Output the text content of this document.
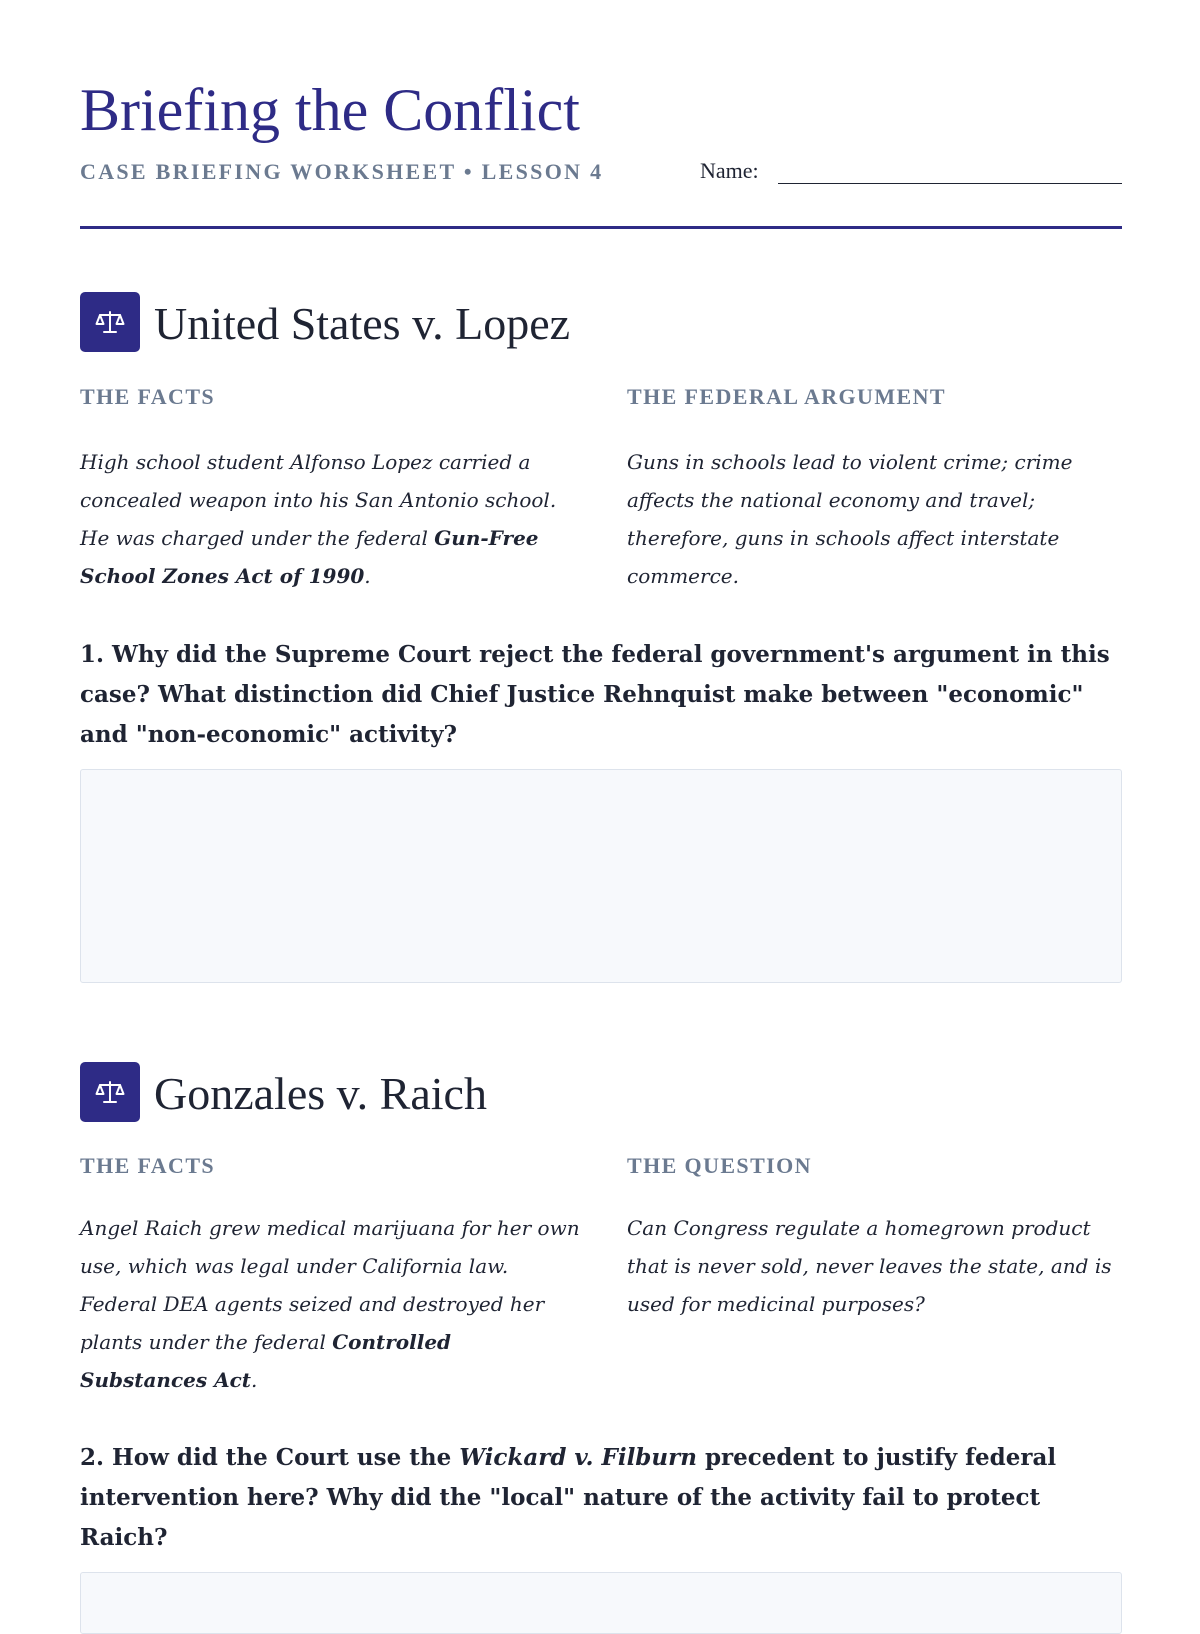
Briefing the Conflict
CASE BRIEFING WORKSHEET • LESSON 4	Name:
United States v. Lopez
THE FACTS
High school student Alfonso Lopez carried a concealed weapon into his San Antonio school. He was charged under the federal Gun-Free School Zones Act of 1990.
THE FEDERAL ARGUMENT
Guns in schools lead to violent crime; crime affects the national economy and travel; therefore, guns in schools affect interstate commerce.
1. Why did the Supreme Court reject the federal government's argument in this case? What distinction did Chief Justice Rehnquist make between "economic" and "non-economic" activity?
Gonzales v. Raich
THE FACTS
Angel Raich grew medical marijuana for her own use, which was legal under California law. Federal DEA agents seized and destroyed her plants under the federal Controlled Substances Act.
THE QUESTION
Can Congress regulate a homegrown product that is never sold, never leaves the state, and is used for medicinal purposes?
2. How did the Court use the Wickard v. Filburn precedent to justify federal intervention here? Why did the "local" nature of the activity fail to protect Raich?
